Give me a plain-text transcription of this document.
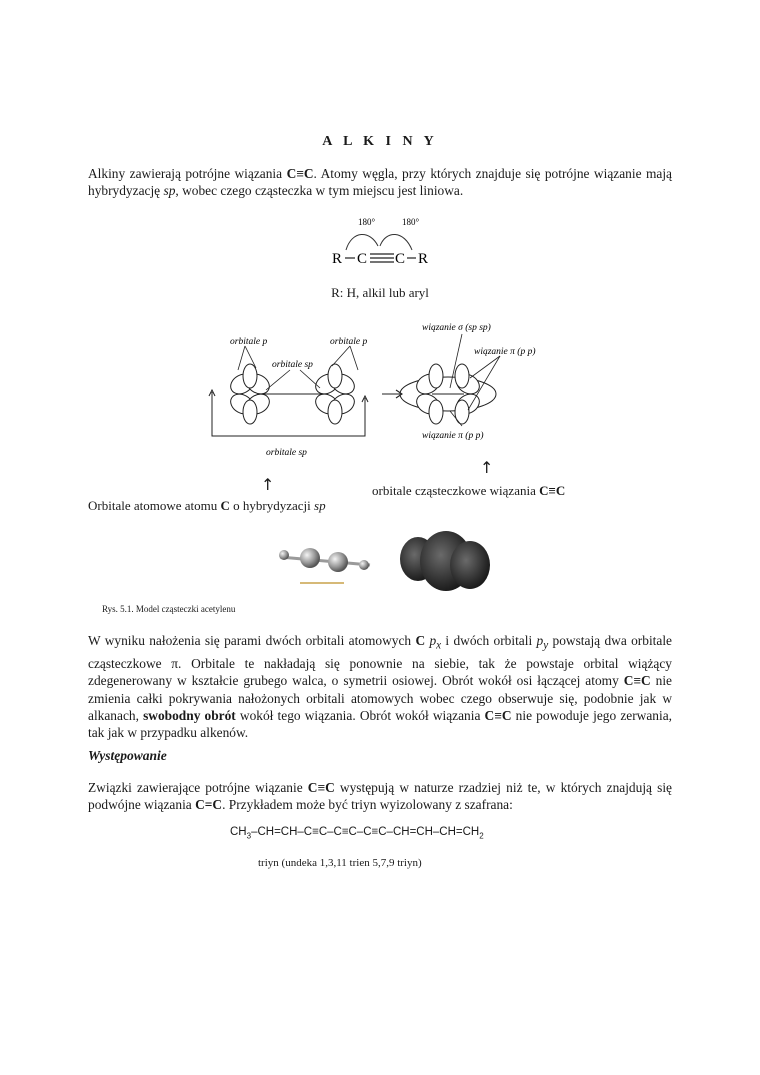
A L K I N Y
Alkiny zawierają potrójne wiązania C≡C. Atomy węgla, przy których znajduje się potrójne wiązanie mają hybrydyzację sp, wobec czego cząsteczka w tym miejscu jest liniowa.
180°	180°
R C C R
R: H, alkil lub aryl
orbitale p	orbitale p
orbitale sp
orbitale sp
wiązanie σ (sp sp)
wiązanie π (p p)
wiązanie π (p p)
↑
↑	orbitale cząsteczkowe wiązania C≡C
Orbitale atomowe atomu C o hybrydyzacji sp
Rys. 5.1. Model cząsteczki acetylenu
W wyniku nałożenia się parami dwóch orbitali atomowych C $p_x$ i dwóch orbitali $p_y$ powstają dwa orbitale cząsteczkowe π. Orbitale te nakładają się ponownie na siebie, tak że powstaje orbital wiążący zdegenerowany w kształcie grubego walca, o symetrii osiowej. Obrót wokół osi łączącej atomy C≡C nie zmienia całki pokrywania nałożonych orbitali atomowych wobec czego obserwuje się, podobnie jak w alkanach, swobodny obrót wokół tego wiązania. Obrót wokół wiązania C≡C nie powoduje jego zerwania, tak jak w przypadku alkenów.
Występowanie
Związki zawierające potrójne wiązanie C≡C występują w naturze rzadziej niż te, w których znajdują się podwójne wiązania C=C. Przykładem może być triyn wyizolowany z szafrana:
$CH_3-CH=CH-C\equiv C-C\equiv C-C\equiv C-CH=CH-CH=CH_2$
triyn (undeka 1,3,11 trien 5,7,9 triyn)
